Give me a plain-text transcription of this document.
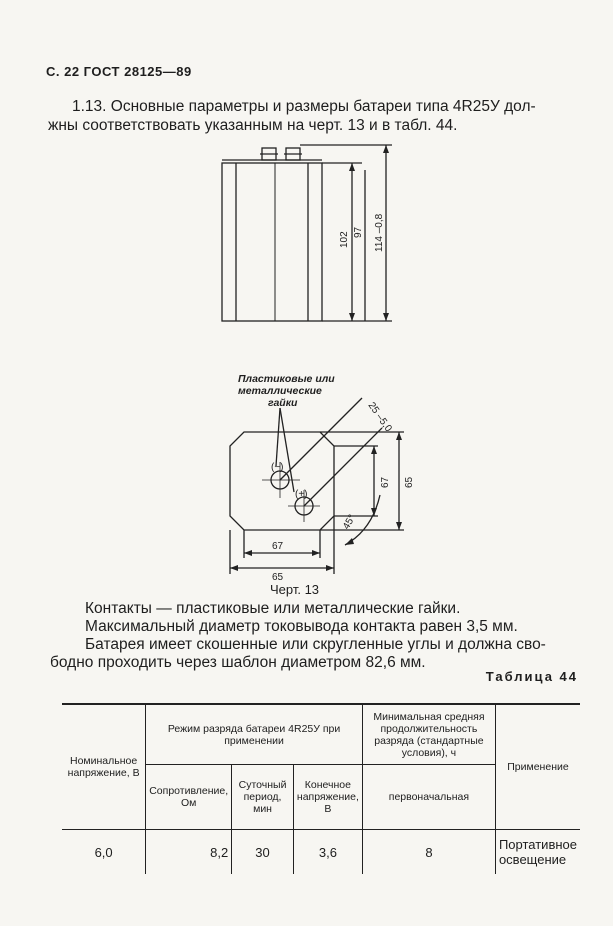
С. 22 ГОСТ 28125—89
1.13. Основные параметры и размеры батареи типа 4R25У дол-
жны соответствовать указанным на черт. 13 и в табл. 44.
102 97 114 –0,8
Пластиковые или
металлические
гайки
(−)
(+)
25 –5,0
67 65
45°
67
65
Черт. 13
Контакты — пластиковые или металлические гайки.
Максимальный диаметр токовывода контакта равен 3,5 мм.
Батарея имеет скошенные или скругленные углы и должна сво-
бодно проходить через шаблон диаметром 82,6 мм.
Таблица 44
Номинальное напряжение, В	Режим разряда батареи 4R25У при применении			Минимальная средняя продолжительность разряда (стандартные условия), ч	Применение
	Сопротивление, Ом	Суточный период, мин	Конечное напряжение, В	первоначальная	
6,0	8,2	30	3,6	8	Портативное освещение
